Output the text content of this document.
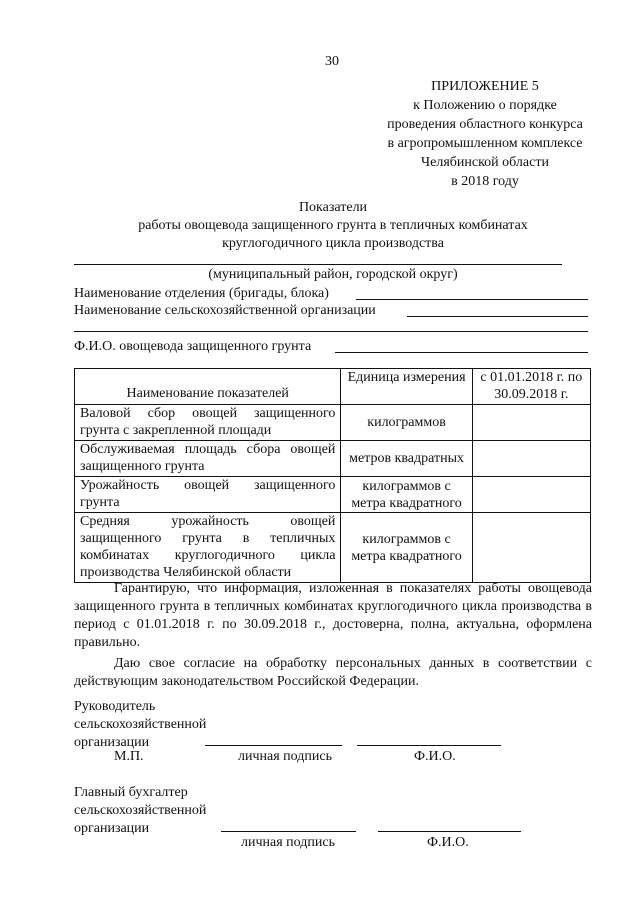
30
ПРИЛОЖЕНИЕ 5
к Положению о порядке
проведения областного конкурса
в агропромышленном комплексе
Челябинской области
в 2018 году
Показатели
работы овощевода защищенного грунта в тепличных комбинатах
круглогодичного цикла производства
(муниципальный район, городской округ)
Наименование отделения (бригады, блока)
Наименование сельскохозяйственной организации
Ф.И.О. овощевода защищенного грунта
Наименование показателей	Единица измерения	с 01.01.2018 г. по 30.09.2018 г.
Валовой сбор овощей защищенного грунта с закрепленной площади	килограммов	
Обслуживаемая площадь сбора овощей защищенного грунта	метров квадратных	
Урожайность овощей защищенного грунта	килограммов с метра квадратного	
Средняя урожайность овощей защищенного грунта в тепличных комбинатах круглогодичного цикла производства Челябинской области	килограммов с метра квадратного	
Гарантирую, что информация, изложенная в показателях работы овощевода защищенного грунта в тепличных комбинатах круглогодичного цикла производства в период с 01.01.2018 г. по 30.09.2018 г., достоверна, полна, актуальна, оформлена правильно.
Даю свое согласие на обработку персональных данных в соответствии с действующим законодательством Российской Федерации.
Руководитель
сельскохозяйственной
организации
М.П.	личная подпись	Ф.И.О.
Главный бухгалтер
сельскохозяйственной
организации
личная подпись	Ф.И.О.
